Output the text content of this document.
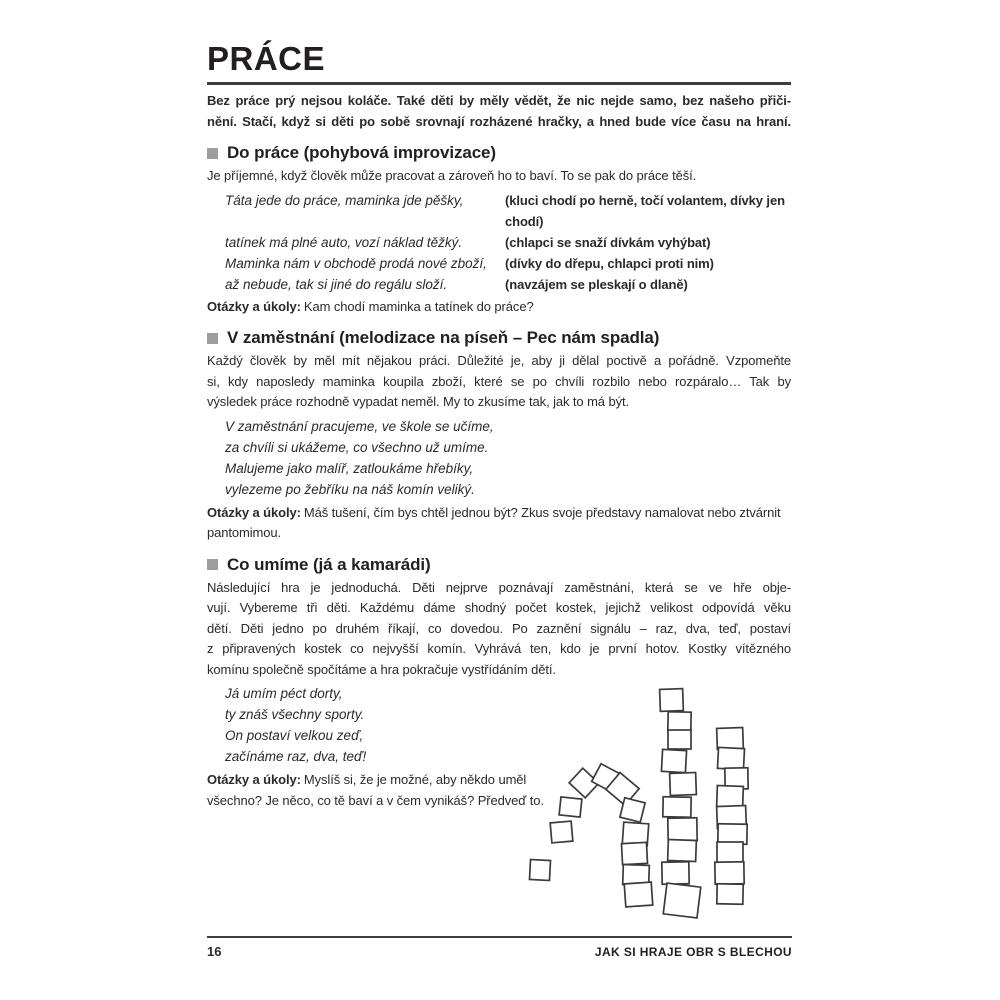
PRÁCE
Bez práce prý nejsou koláče. Také děti by měly vědět, že nic nejde samo, bez našeho přiči-
nění. Stačí, když si děti po sobě srovnají rozházené hračky, a hned bude více času na hraní.
Do práce (pohybová improvizace)
Je příjemné, když člověk může pracovat a zároveň ho to baví. To se pak do práce těší.
Táta jede do práce, maminka jde pěšky,	(kluci chodí po herně, točí volantem, dívky jen chodí)
tatínek má plné auto, vozí náklad těžký.	(chlapci se snaží dívkám vyhýbat)
Maminka nám v obchodě prodá nové zboží,	(dívky do dřepu, chlapci proti nim)
až nebude, tak si jiné do regálu složí.	(navzájem se pleskají o dlaně)

Otázky a úkoly: Kam chodí maminka a tatínek do práce?

V zaměstnání (melodizace na píseň – Pec nám spadla)
Každý člověk by měl mít nějakou práci. Důležité je, aby ji dělal poctivě a pořádně. Vzpomeňte
si, kdy naposledy maminka koupila zboží, které se po chvíli rozbilo nebo rozpáralo… Tak by
výsledek práce rozhodně vypadat neměl. My to zkusíme tak, jak to má být.
V zaměstnání pracujeme, ve škole se učíme,
za chvíli si ukážeme, co všechno už umíme.
Malujeme jako malíř, zatloukáme hřebíky,
vylezeme po žebříku na náš komín veliký.

Otázky a úkoly: Máš tušení, čím bys chtěl jednou být? Zkus svoje představy namalovat nebo ztvárnit pantomimou.

Co umíme (já a kamarádi)
Následující hra je jednoduchá. Děti nejprve poznávají zaměstnání, která se ve hře obje-
vují. Vybereme tři děti. Každému dáme shodný počet kostek, jejichž velikost odpovídá věku
dětí. Děti jedno po druhém říkají, co dovedou. Po zaznění signálu – raz, dva, teď, postaví
z připravených kostek co nejvyšší komín. Vyhrává ten, kdo je první hotov. Kostky vítězného
komínu společně spočítáme a hra pokračuje vystřídáním dětí.
Já umím péct dorty,
ty znáš všechny sporty.
On postaví velkou zeď,
začínáme raz, dva, teď!

Otázky a úkoly: Myslíš si, že je možné, aby někdo uměl všechno? Je něco, co tě baví a v čem vynikáš? Předveď to.

16	JAK SI HRAJE OBR S BLECHOU
